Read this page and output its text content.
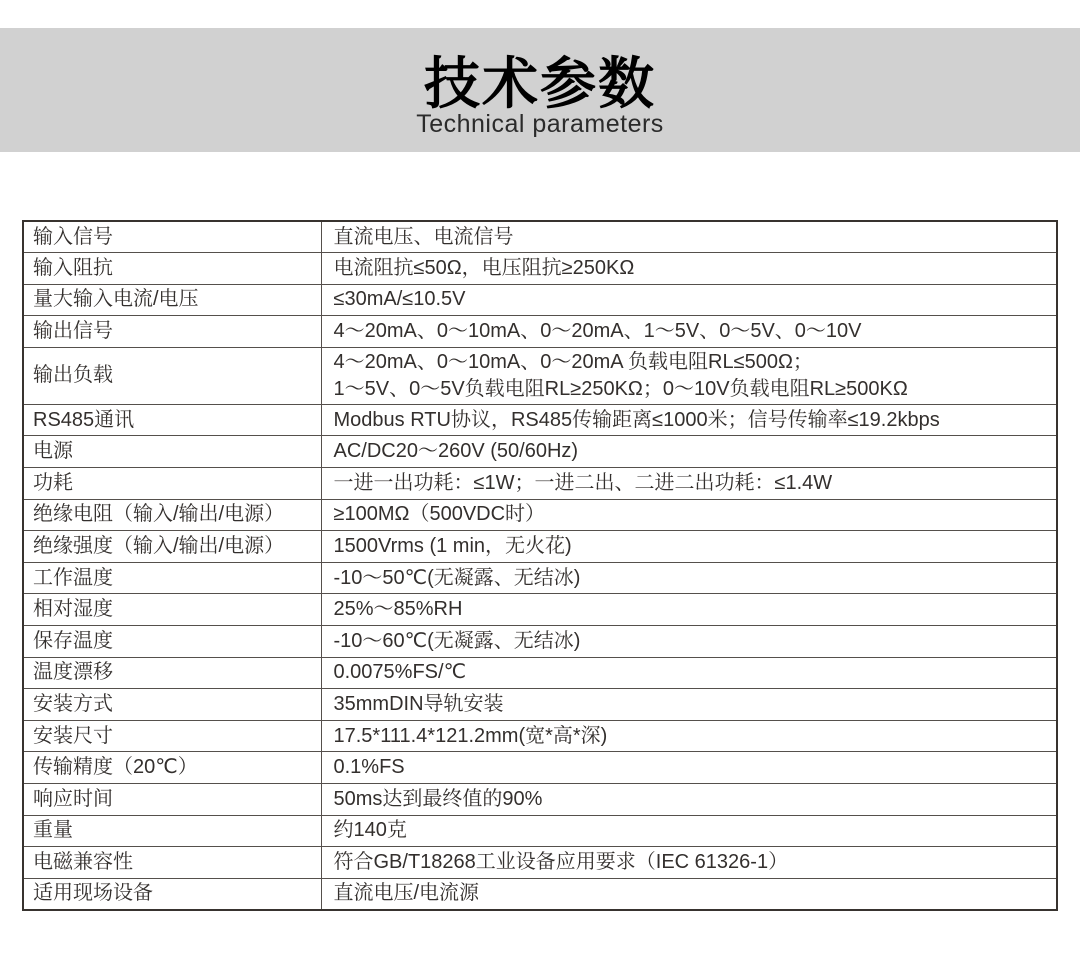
技术参数
Technical parameters
输入信号	直流电压、电流信号
输入阻抗	电流阻抗≤50Ω，电压阻抗≥250KΩ
量大输入电流/电压	≤30mA/≤10.5V
输出信号	4～20mA、0～10mA、0～20mA、1～5V、0～5V、0～10V
输出负载	4～20mA、0～10mA、0～20mA 负载电阻RL≤500Ω；
1～5V、0～5V负载电阻RL≥250KΩ；0～10V负载电阻RL≥500KΩ
RS485通讯	Modbus RTU协议，RS485传输距离≤1000米；信号传输率≤19.2kbps
电源	AC/DC20～260V (50/60Hz)
功耗	一进一出功耗：≤1W；一进二出、二进二出功耗：≤1.4W
绝缘电阻（输入/输出/电源）	≥100MΩ（500VDC时）
绝缘强度（输入/输出/电源）	1500Vrms (1 min，无火花)
工作温度	-10～50℃(无凝露、无结冰)
相对湿度	25%～85%RH
保存温度	-10～60℃(无凝露、无结冰)
温度漂移	0.0075%FS/℃
安装方式	35mmDIN导轨安装
安装尺寸	17.5*111.4*121.2mm(宽*高*深)
传输精度（20℃）	0.1%FS
响应时间	50ms达到最终值的90%
重量	约140克
电磁兼容性	符合GB/T18268工业设备应用要求（IEC 61326-1）
适用现场设备	直流电压/电流源
